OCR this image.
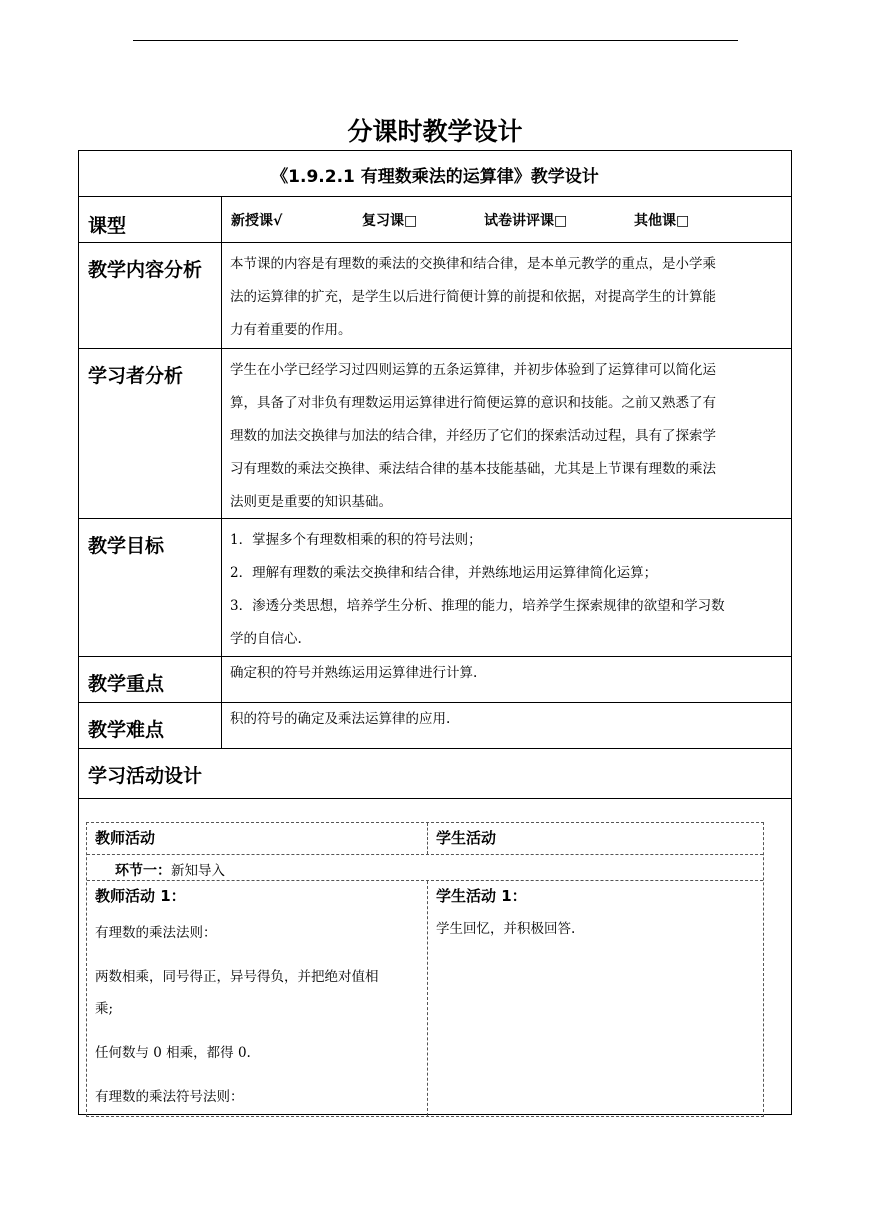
分课时教学设计
《1.9.2.1 有理数乘法的运算律》教学设计
课型	新授课√	复习课□	试卷讲评课□	其他课□
教学内容分析	本节课的内容是有理数的乘法的交换律和结合律，是本单元教学的重点，是小学乘
法的运算律的扩充，是学生以后进行简便计算的前提和依据，对提高学生的计算能
力有着重要的作用。
学习者分析	学生在小学已经学习过四则运算的五条运算律，并初步体验到了运算律可以简化运
算，具备了对非负有理数运用运算律进行简便运算的意识和技能。之前又熟悉了有
理数的加法交换律与加法的结合律，并经历了它们的探索活动过程，具有了探索学
习有理数的乘法交换律、乘法结合律的基本技能基础，尤其是上节课有理数的乘法
法则更是重要的知识基础。
教学目标	1．掌握多个有理数相乘的积的符号法则；
2．理解有理数的乘法交换律和结合律，并熟练地运用运算律简化运算；
3．渗透分类思想，培养学生分析、推理的能力，培养学生探索规律的欲望和学习数
学的自信心.
教学重点	确定积的符号并熟练运用运算律进行计算.
教学难点	积的符号的确定及乘法运算律的应用.
学习活动设计
教师活动	学生活动
环节一：新知导入
教师活动 1：
有理数的乘法法则：
两数相乘，同号得正，异号得负，并把绝对值相
乘;
任何数与 0 相乘，都得 0.
有理数的乘法符号法则：
学生活动 1：
学生回忆，并积极回答.
